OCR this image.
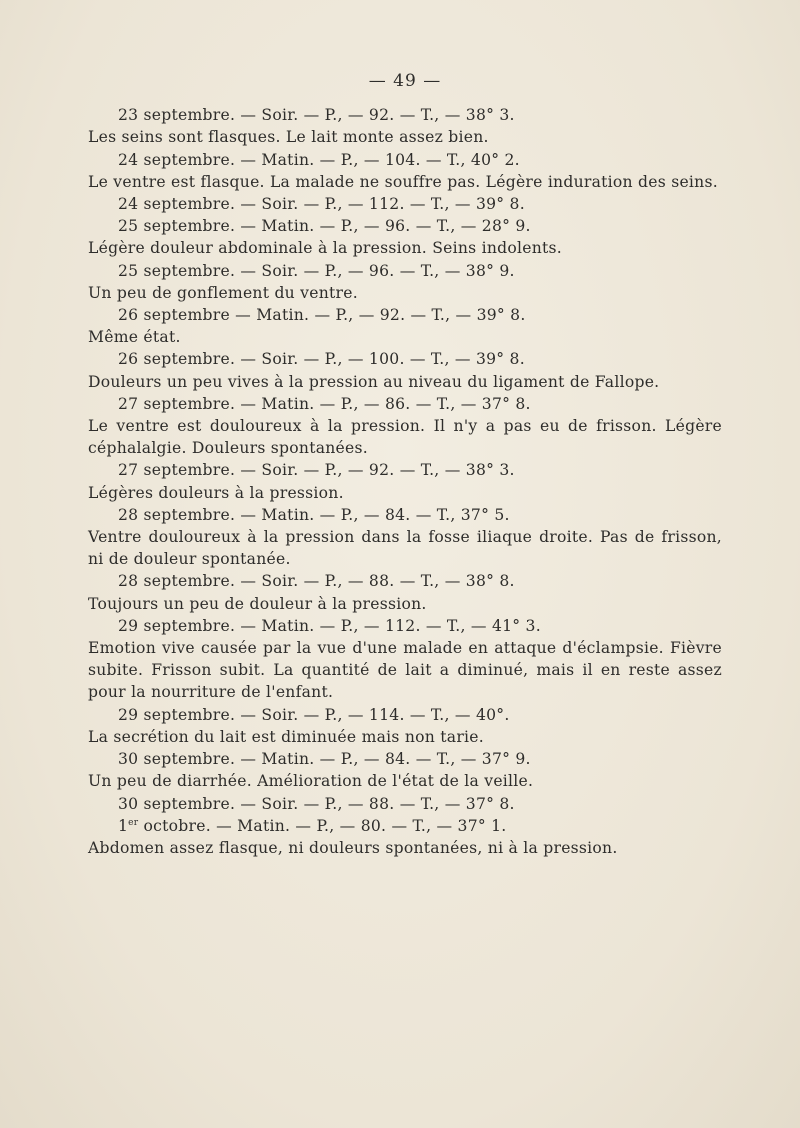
— 49 —
23 septembre. — Soir. — P., — 92. — T., — 38° 3.
Les seins sont flasques. Le lait monte assez bien.
24 septembre. — Matin. — P., — 104. — T., 40° 2.
Le ventre est flasque. La malade ne souffre pas. Légère induration des seins.
24 septembre. — Soir. — P., — 112. — T., — 39° 8.
25 septembre. — Matin. — P., — 96. — T., — 28° 9.
Légère douleur abdominale à la pression. Seins indolents.
25 septembre. — Soir. — P., — 96. — T., — 38° 9.
Un peu de gonflement du ventre.
26 septembre — Matin. — P., — 92. — T., — 39° 8.
Même état.
26 septembre. — Soir. — P., — 100. — T., — 39° 8.
Douleurs un peu vives à la pression au niveau du ligament de Fallope.
27 septembre. — Matin. — P., — 86. — T., — 37° 8.
Le ventre est douloureux à la pression. Il n'y a pas eu de frisson. Légère céphalalgie. Douleurs spontanées.
27 septembre. — Soir. — P., — 92. — T., — 38° 3.
Légères douleurs à la pression.
28 septembre. — Matin. — P., — 84. — T., 37° 5.
Ventre douloureux à la pression dans la fosse iliaque droite. Pas de frisson, ni de douleur spontanée.
28 septembre. — Soir. — P., — 88. — T., — 38° 8.
Toujours un peu de douleur à la pression.
29 septembre. — Matin. — P., — 112. — T., — 41° 3.
Emotion vive causée par la vue d'une malade en attaque d'éclampsie. Fièvre subite. Frisson subit. La quantité de lait a diminué, mais il en reste assez pour la nourriture de l'enfant.
29 septembre. — Soir. — P., — 114. — T., — 40°.
La secrétion du lait est diminuée mais non tarie.
30 septembre. — Matin. — P., — 84. — T., — 37° 9.
Un peu de diarrhée. Amélioration de l'état de la veille.
30 septembre. — Soir. — P., — 88. — T., — 37° 8.
1er octobre. — Matin. — P., — 80. — T., — 37° 1.
Abdomen assez flasque, ni douleurs spontanées, ni à la pression.
